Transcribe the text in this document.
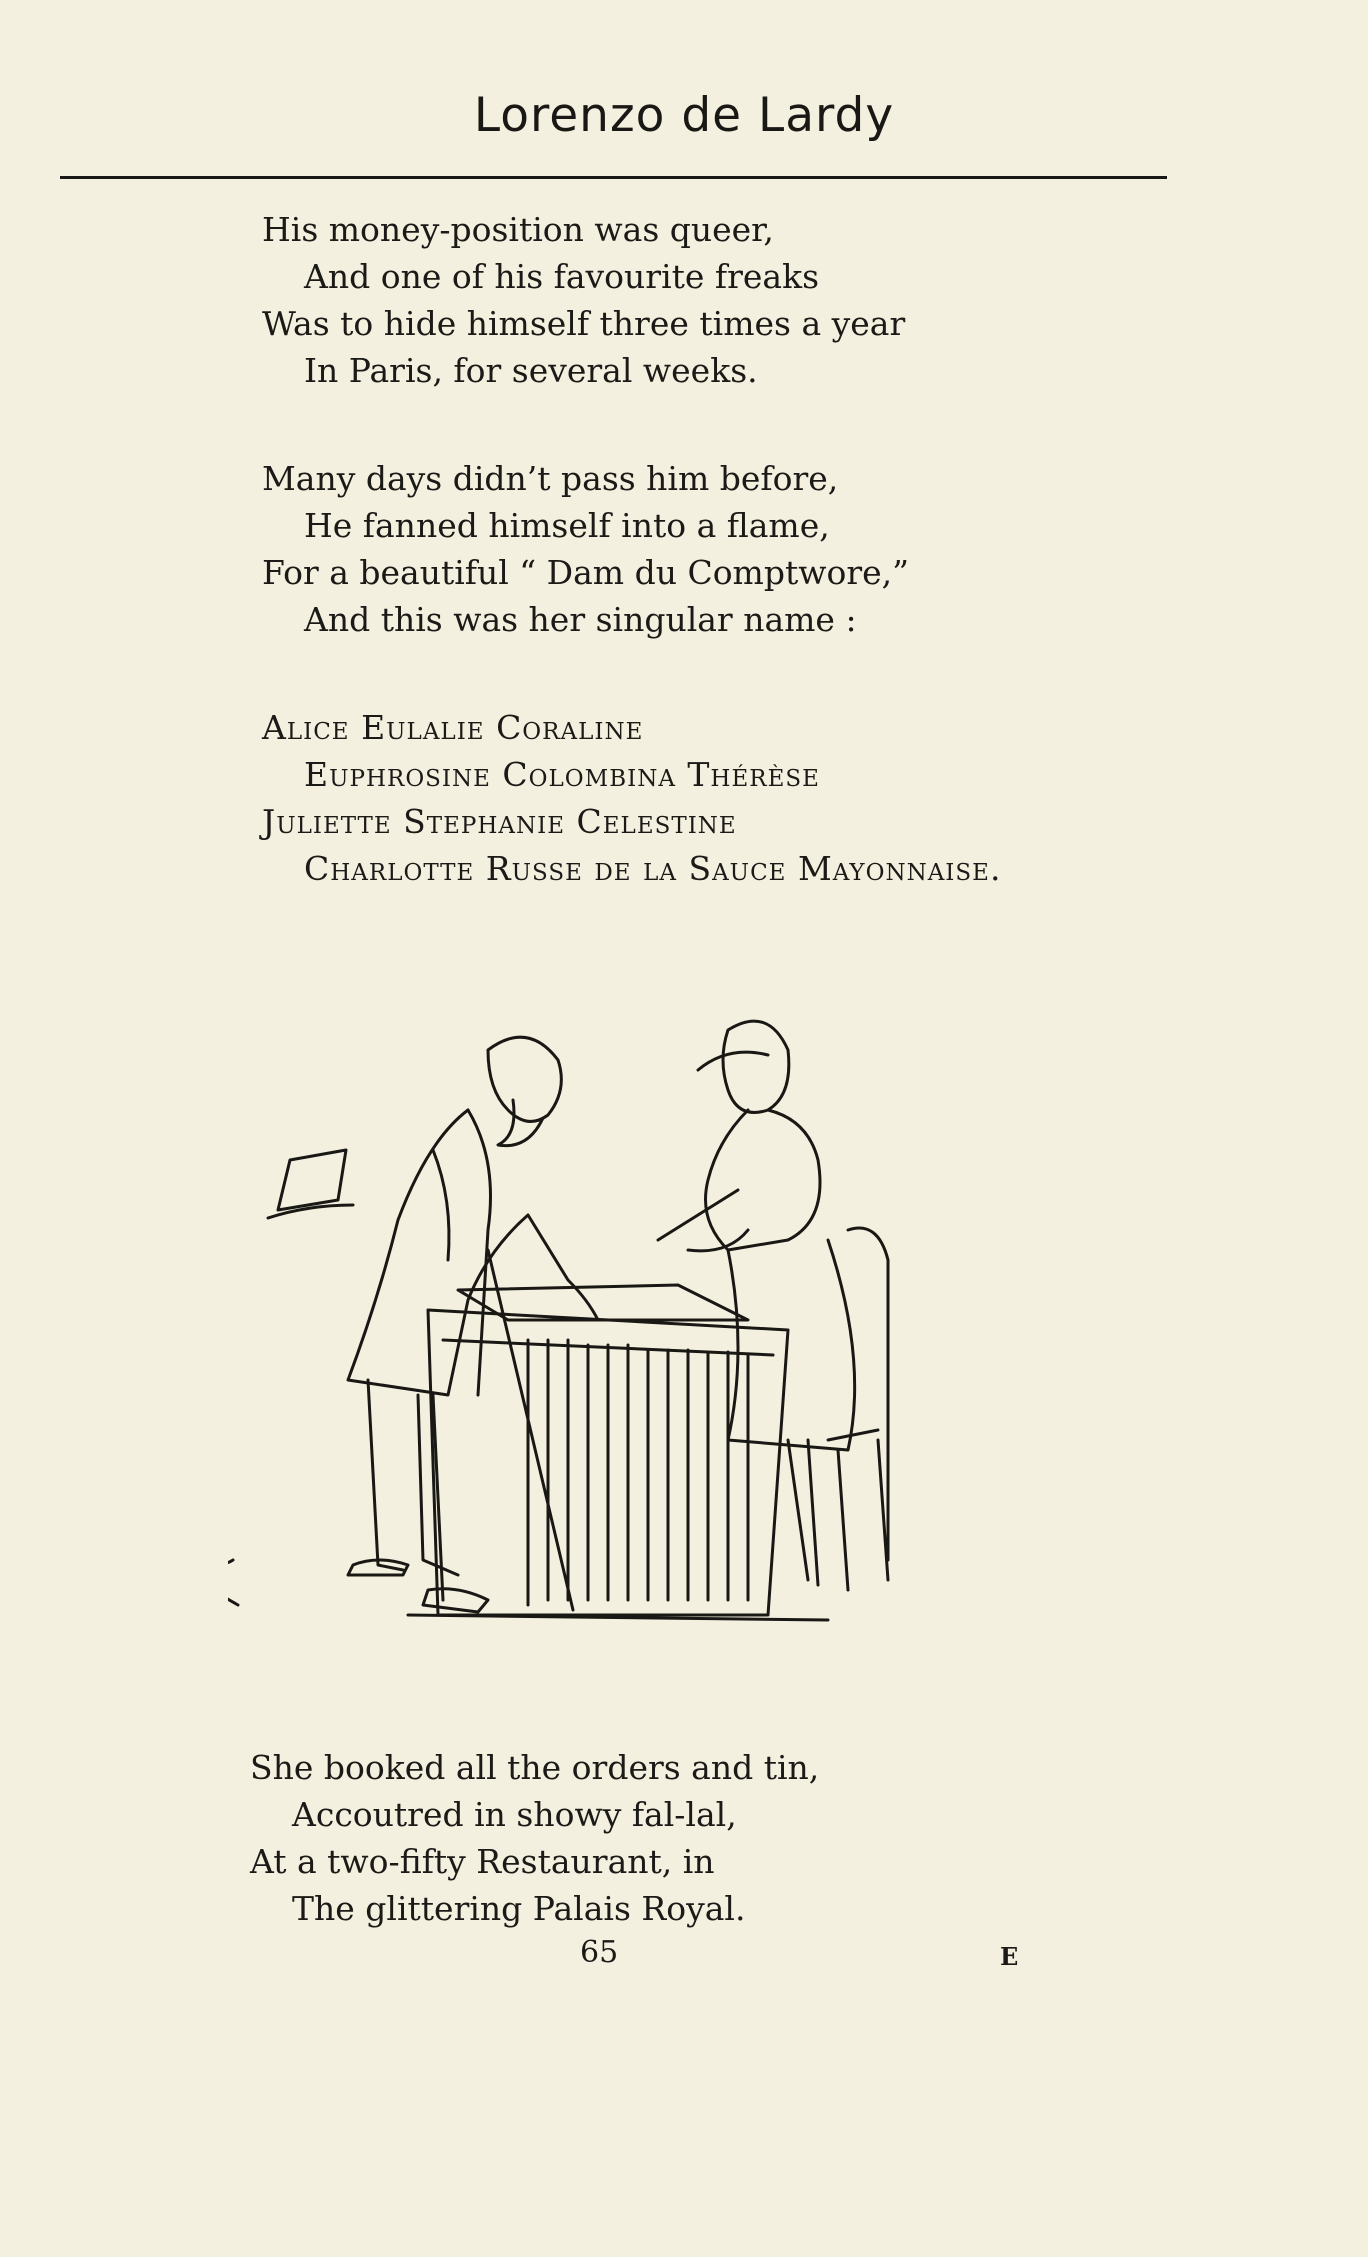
Lorenzo de Lardy
His money-position was queer,
And one of his favourite freaks
Was to hide himself three times a year
In Paris, for several weeks.
Many days didn’t pass him before,
He fanned himself into a flame,
For a beautiful “ Dam du Comptwore,”
And this was her singular name :
Alice Eulalie Coraline
Euphrosine Colombina Thérèse
Juliette Stephanie Celestine
Charlotte Russe de la Sauce Mayonnaise.
She booked all the orders and tin,
Accoutred in showy fal-lal,
At a two-fifty Restaurant, in
The glittering Palais Royal.
65	E
